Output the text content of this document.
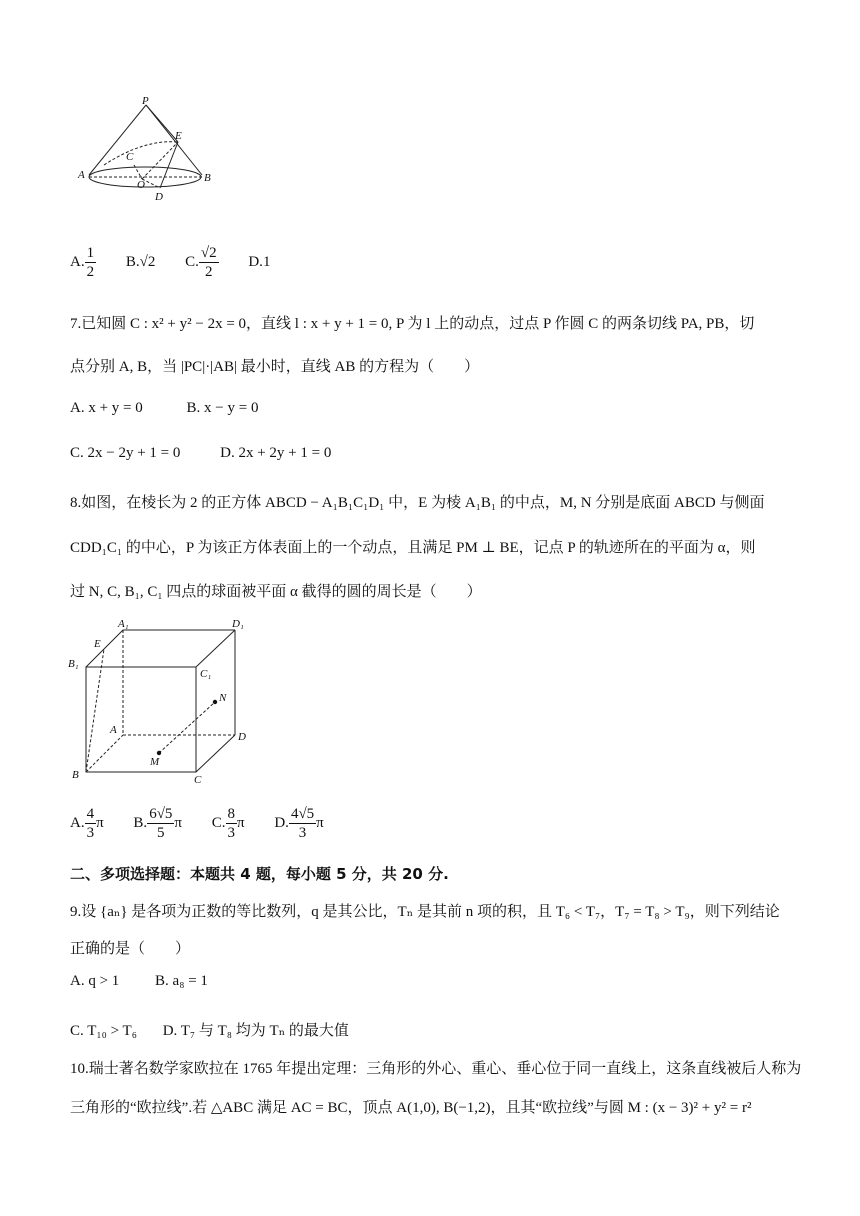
P
E
C
O
A	B
D
A. $\frac{1}{2}$
B. √2
C. $\frac{√2}{2}$
D. 1
7.已知圆 C : x² + y² − 2x = 0，直线 l : x + y + 1 = 0, P 为 l 上的动点，过点 P 作圆 C 的两条切线 PA, PB，切
点分别 A, B，当 |PC|·|AB| 最小时，直线 AB 的方程为（　　）
A. x + y = 0	B. x − y = 0
C. 2x − 2y + 1 = 0	D. 2x + 2y + 1 = 0
8.如图，在棱长为 2 的正方体 ABCD − A₁B₁C₁D₁ 中，E 为棱 A₁B₁ 的中点，M, N 分别是底面 ABCD 与侧面
CDD₁C₁ 的中心，P 为该正方体表面上的一个动点，且满足 PM ⊥ BE，记点 P 的轨迹所在的平面为 α，则
过 N, C, B₁, C₁ 四点的球面被平面 α 截得的圆的周长是（　　）
A₁	D₁
E
B₁
C₁
N
A
D
M
B	C
A. $\frac{4}{3}$ π
B. $\frac{6√5}{5}$ π
C. $\frac{8}{3}$ π
D. $\frac{4√5}{3}$ π
二、多项选择题：本题共 4 题，每小题 5 分，共 20 分.
9.设 {aₙ} 是各项为正数的等比数列，q 是其公比，Tₙ 是其前 n 项的积，且 T₆ < T₇，T₇ = T₈ > T₉，则下列结论
正确的是（　　）
A. q > 1 B. a₈ = 1
C. T₁₀ > T₆ D. T₇ 与 T₈ 均为 Tₙ 的最大值
10.瑞士著名数学家欧拉在 1765 年提出定理：三角形的外心、重心、垂心位于同一直线上，这条直线被后人称为
三角形的“欧拉线”.若 △ABC 满足 AC = BC，顶点 A(1,0), B(−1,2)，且其“欧拉线”与圆 M : (x − 3)² + y² = r²
